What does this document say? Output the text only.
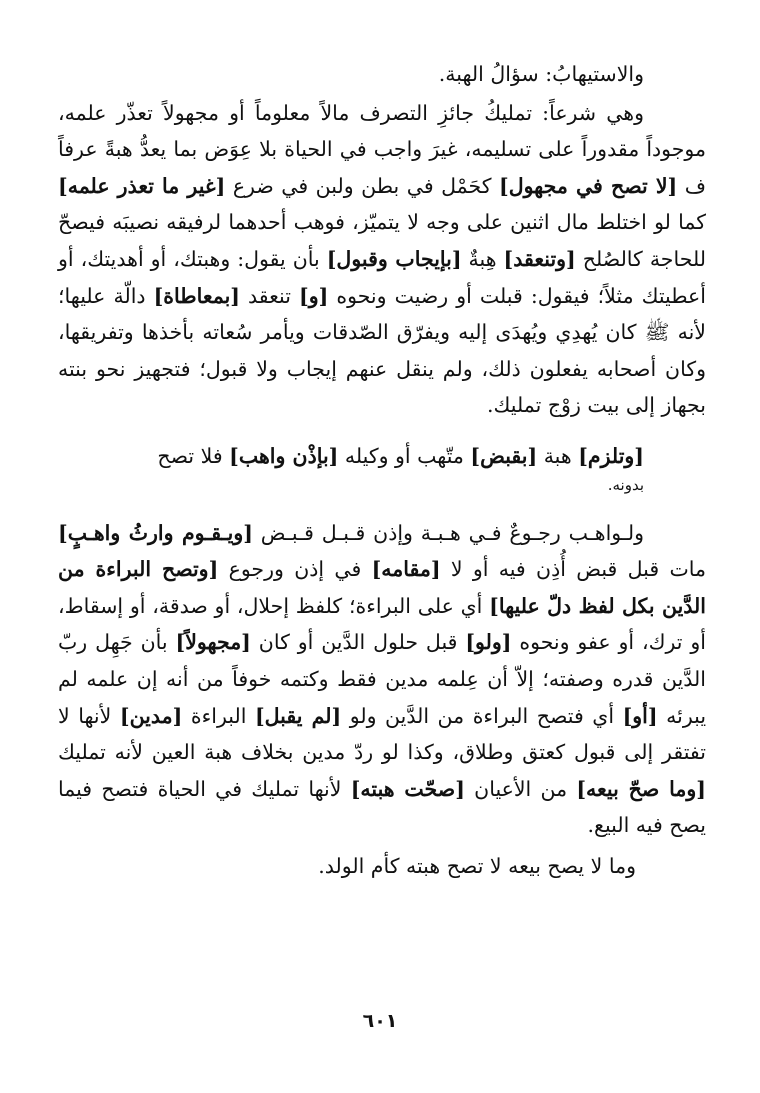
والاستيهابُ: سؤالُ الهبة.

وهي شرعاً: تمليكُ جائزِ التصرف مالاً معلوماً أو مجهولاً تعذّر علمه، موجوداً مقدوراً على تسليمه، غيرَ واجب في الحياة بلا عِوَض بما يعدُّ هبةً عرفاً ف [لا تصح في مجهول] كحَمْل في بطن ولبن في ضرع [غير ما تعذر علمه] كما لو اختلط مال اثنين على وجه لا يتميّز، فوهب أحدهما لرفيقه نصيبَه فيصحّ للحاجة كالصُلح [وتنعقد] هِبةٌ [بإيجاب وقبول] بأن يقول: وهبتك، أو أهديتك، أو أعطيتك مثلاً؛ فيقول: قبلت أو رضيت ونحوه [و] تنعقد [بمعاطاة] دالّة عليها؛ لأنه ﷺ كان يُهدِي ويُهدَى إليه ويفرّق الصّدقات ويأمر سُعاته بأخذها وتفريقها، وكان أصحابه يفعلون ذلك، ولم ينقل عنهم إيجاب ولا قبول؛ فتجهيز نحو بنته بجهاز إلى بيت زوْج تمليك.

[وتلزم] هبة [بقبض] متّهب أو وكيله [بإذْن واهب] فلا تصح
بدونه.

ولـواهـب رجـوعٌ فـي هـبـة وإذن قـبـل قـبـض [ويـقـوم وارثُ واهـبٍ] مات قبل قبض أُذِن فيه أو لا [مقامه] في إذن ورجوع [وتصح البراءة من الدَّين بكل لفظ دلّ عليها] أي على البراءة؛ كلفظ إحلال، أو صدقة، أو إسقاط، أو ترك، أو عفو ونحوه [ولو] قبل حلول الدَّين أو كان [مجهولاً] بأن جَهِل ربّ الدَّين قدره وصفته؛ إلاّ أن عِلمه مدين فقط وكتمه خوفاً من أنه إن علمه لم يبرئه [أو] أي فتصح البراءة من الدَّين ولو [لم يقبل] البراءة [مدين] لأنها لا تفتقر إلى قبول كعتق وطلاق، وكذا لو ردّ مدين بخلاف هبة العين لأنه تمليك [وما صحّ بيعه] من الأعيان [صحّت هبته] لأنها تمليك في الحياة فتصح فيما يصح فيه البيع.

وما لا يصح بيعه لا تصح هبته كأم الولد.

٦٠١
